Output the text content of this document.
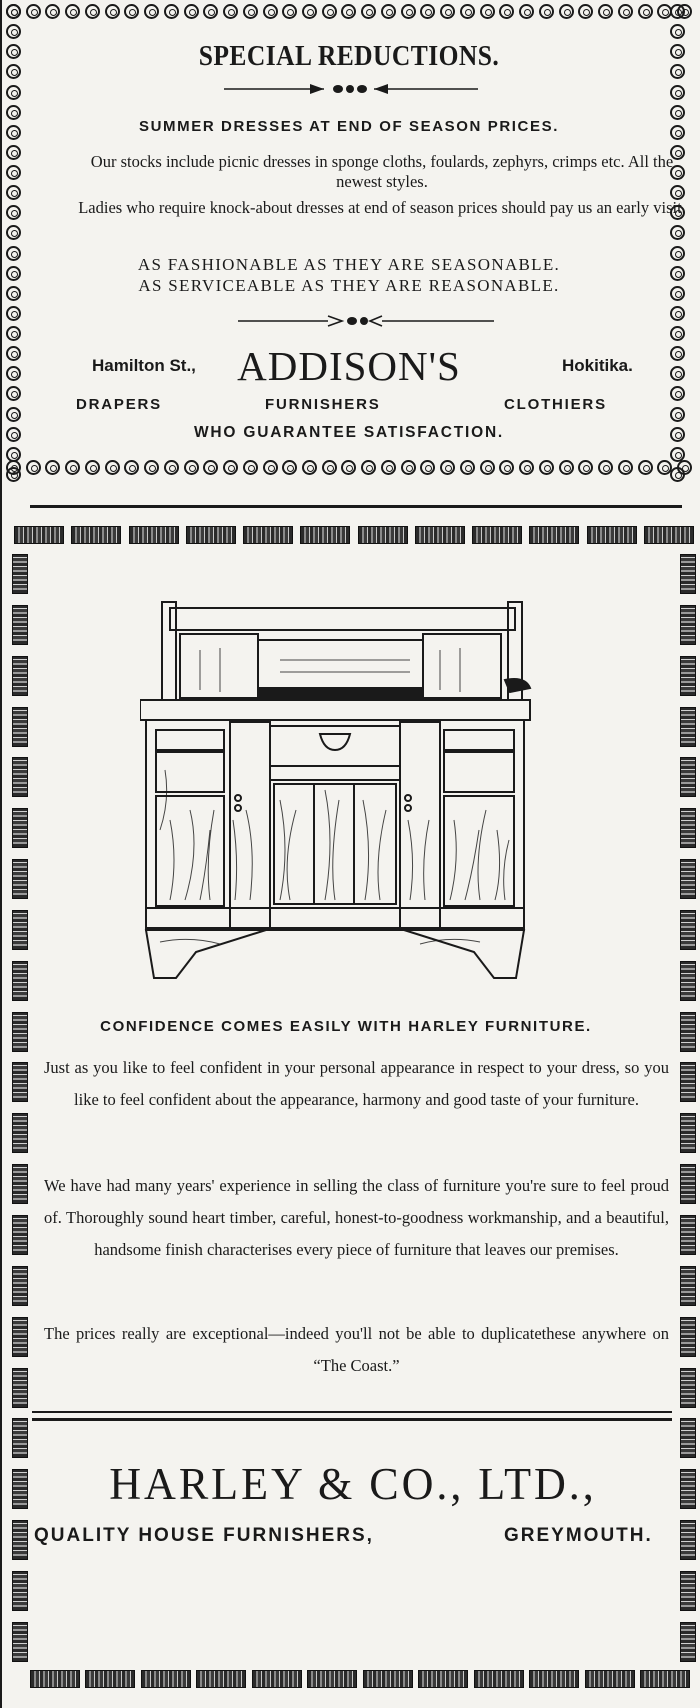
SPECIAL REDUCTIONS.
SUMMER DRESSES AT END OF SEASON PRICES.
Our stocks include picnic dresses in sponge cloths, foulards, zephyrs, crimps etc. All the newest styles.
Ladies who require knock-about dresses at end of season prices should pay us an early visit.
AS FASHIONABLE AS THEY ARE SEASONABLE.
AS SERVICEABLE AS THEY ARE REASONABLE.
Hamilton St.,	ADDISON'S	Hokitika.
DRAPERS	FURNISHERS	CLOTHIERS
WHO GUARANTEE SATISFACTION.
CONFIDENCE COMES EASILY WITH HARLEY FURNITURE.
Just as you like to feel confident in your personal appearance in respect to your dress, so you like to feel confident about the appearance, harmony and good taste of your furniture.
We have had many years' experience in selling the class of furniture you're sure to feel proud of. Thoroughly sound heart timber, careful, honest-to-goodness workmanship, and a beautiful, handsome finish characterises every piece of furniture that leaves our premises.
The prices really are exceptional—indeed you'll not be able to duplicatethese anywhere on “The Coast.”
HARLEY & CO., LTD.,
QUALITY HOUSE FURNISHERS,	GREYMOUTH.
